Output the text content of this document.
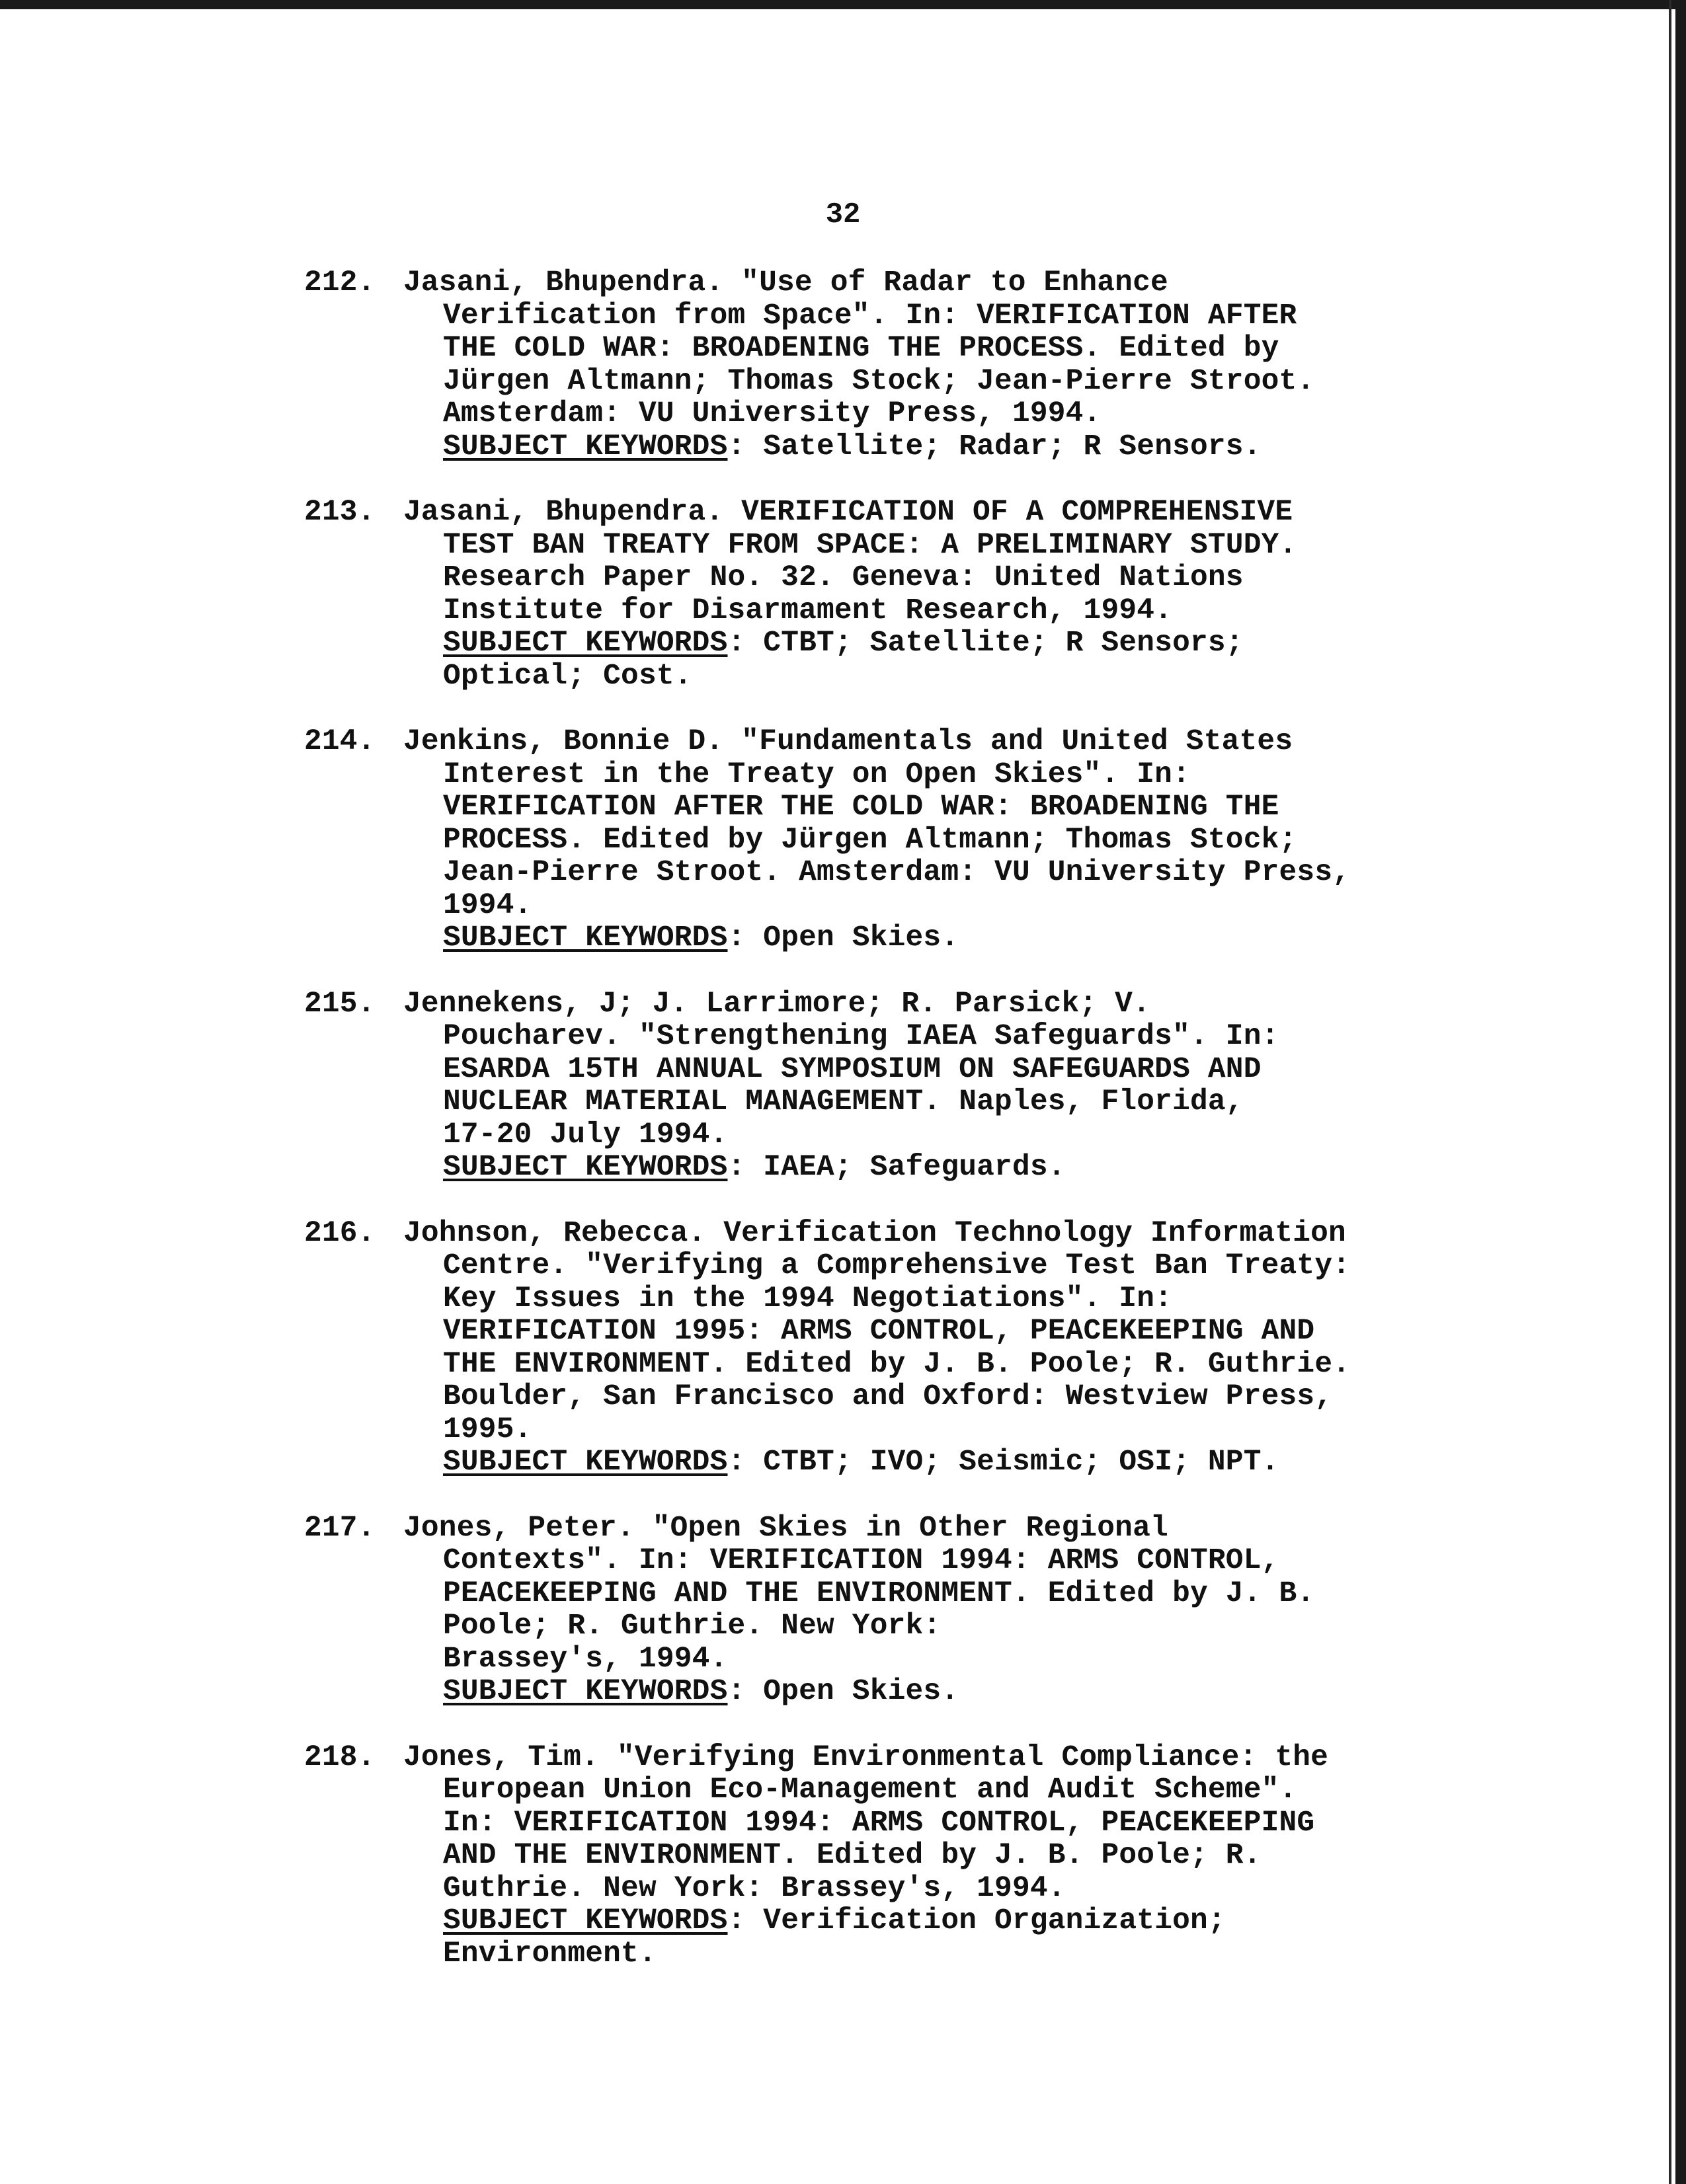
32
212. Jasani, Bhupendra. "Use of Radar to Enhance
Verification from Space". In: VERIFICATION AFTER
THE COLD WAR: BROADENING THE PROCESS. Edited by
Jürgen Altmann; Thomas Stock; Jean-Pierre Stroot.
Amsterdam: VU University Press, 1994.
SUBJECT KEYWORDS: Satellite; Radar; R Sensors.
213. Jasani, Bhupendra. VERIFICATION OF A COMPREHENSIVE
TEST BAN TREATY FROM SPACE: A PRELIMINARY STUDY.
Research Paper No. 32. Geneva: United Nations
Institute for Disarmament Research, 1994.
SUBJECT KEYWORDS: CTBT; Satellite; R Sensors;
Optical; Cost.
214. Jenkins, Bonnie D. "Fundamentals and United States
Interest in the Treaty on Open Skies". In:
VERIFICATION AFTER THE COLD WAR: BROADENING THE
PROCESS. Edited by Jürgen Altmann; Thomas Stock;
Jean-Pierre Stroot. Amsterdam: VU University Press,
1994.
SUBJECT KEYWORDS: Open Skies.
215. Jennekens, J; J. Larrimore; R. Parsick; V.
Poucharev. "Strengthening IAEA Safeguards". In:
ESARDA 15TH ANNUAL SYMPOSIUM ON SAFEGUARDS AND
NUCLEAR MATERIAL MANAGEMENT. Naples, Florida,
17-20 July 1994.
SUBJECT KEYWORDS: IAEA; Safeguards.
216. Johnson, Rebecca. Verification Technology Information
Centre. "Verifying a Comprehensive Test Ban Treaty:
Key Issues in the 1994 Negotiations". In:
VERIFICATION 1995: ARMS CONTROL, PEACEKEEPING AND
THE ENVIRONMENT. Edited by J. B. Poole; R. Guthrie.
Boulder, San Francisco and Oxford: Westview Press,
1995.
SUBJECT KEYWORDS: CTBT; IVO; Seismic; OSI; NPT.
217. Jones, Peter. "Open Skies in Other Regional
Contexts". In: VERIFICATION 1994: ARMS CONTROL,
PEACEKEEPING AND THE ENVIRONMENT. Edited by J. B.
Poole; R. Guthrie. New York:
Brassey's, 1994.
SUBJECT KEYWORDS: Open Skies.
218. Jones, Tim. "Verifying Environmental Compliance: the
European Union Eco-Management and Audit Scheme".
In: VERIFICATION 1994: ARMS CONTROL, PEACEKEEPING
AND THE ENVIRONMENT. Edited by J. B. Poole; R.
Guthrie. New York: Brassey's, 1994.
SUBJECT KEYWORDS: Verification Organization;
Environment.
